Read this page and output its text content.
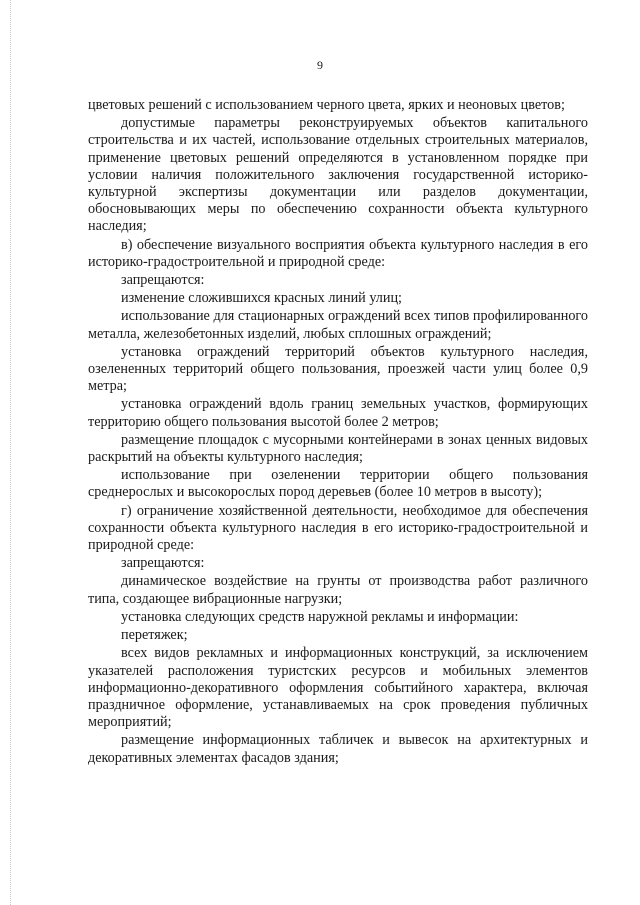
9

цветовых решений с использованием черного цвета, ярких и неоновых цветов;

допустимые параметры реконструируемых объектов капитального строительства и их частей, использование отдельных строительных материалов, применение цветовых решений определяются в установленном порядке при условии наличия положительного заключения государственной историко-культурной экспертизы документации или разделов документации, обосновывающих меры по обеспечению сохранности объекта культурного наследия;

в) обеспечение визуального восприятия объекта культурного наследия в его историко-градостроительной и природной среде:

запрещаются:

изменение сложившихся красных линий улиц;

использование для стационарных ограждений всех типов профилированного металла, железобетонных изделий, любых сплошных ограждений;

установка ограждений территорий объектов культурного наследия, озелененных территорий общего пользования, проезжей части улиц более 0,9 метра;

установка ограждений вдоль границ земельных участков, формирующих территорию общего пользования высотой более 2 метров;

размещение площадок с мусорными контейнерами в зонах ценных видовых раскрытий на объекты культурного наследия;

использование при озеленении территории общего пользования среднерослых и высокорослых пород деревьев (более 10 метров в высоту);

г) ограничение хозяйственной деятельности, необходимое для обеспечения сохранности объекта культурного наследия в его историко-градостроительной и природной среде:

запрещаются:

динамическое воздействие на грунты от производства работ различного типа, создающее вибрационные нагрузки;

установка следующих средств наружной рекламы и информации:

перетяжек;

всех видов рекламных и информационных конструкций, за исключением указателей расположения туристских ресурсов и мобильных элементов информационно-декоративного оформления событийного характера, включая праздничное оформление, устанавливаемых на срок проведения публичных мероприятий;

размещение информационных табличек и вывесок на архитектурных и декоративных элементах фасадов здания;
